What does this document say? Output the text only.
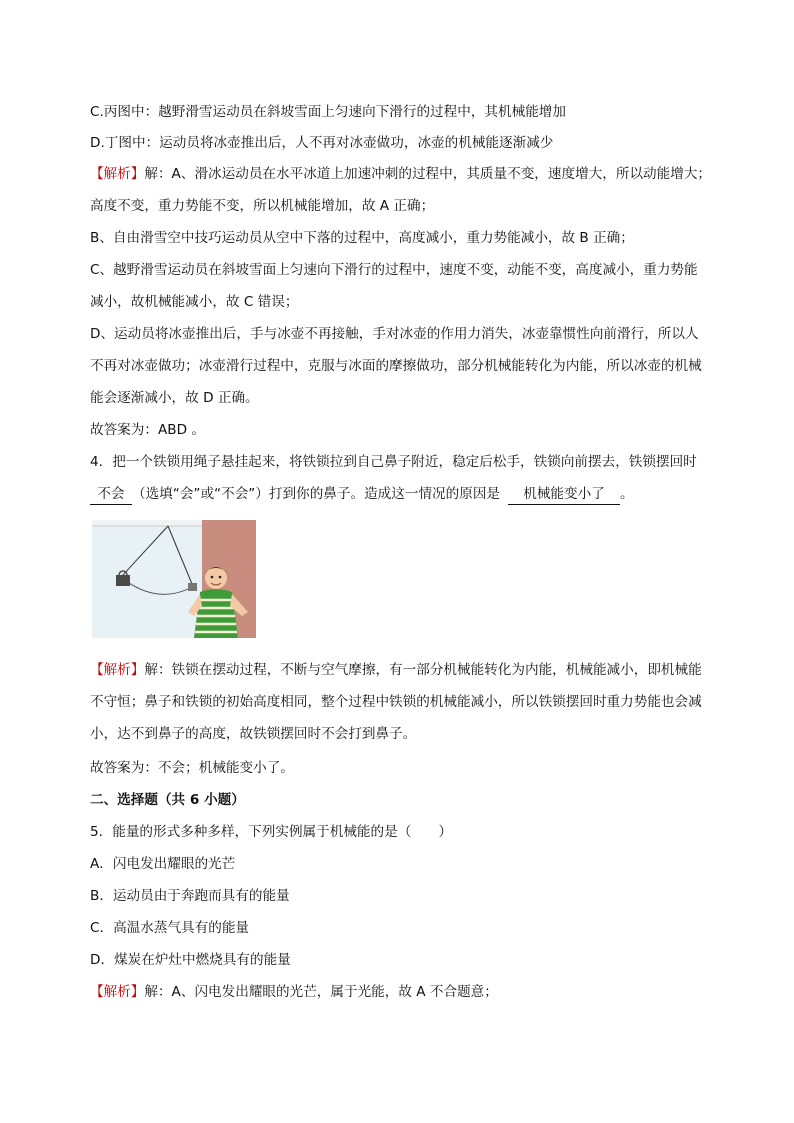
C.丙图中：越野滑雪运动员在斜坡雪面上匀速向下滑行的过程中，其机械能增加
D.丁图中：运动员将冰壶推出后，人不再对冰壶做功，冰壶的机械能逐渐减少
【解析】解：A、滑冰运动员在水平冰道上加速冲刺的过程中，其质量不变，速度增大，所以动能增大；
高度不变，重力势能不变，所以机械能增加，故 A 正确；
B、自由滑雪空中技巧运动员从空中下落的过程中，高度减小，重力势能减小，故 B 正确；
C、越野滑雪运动员在斜坡雪面上匀速向下滑行的过程中，速度不变，动能不变，高度减小，重力势能
减小，故机械能减小，故 C 错误；
D、运动员将冰壶推出后，手与冰壶不再接触，手对冰壶的作用力消失，冰壶靠惯性向前滑行，所以人
不再对冰壶做功；冰壶滑行过程中，克服与冰面的摩擦做功，部分机械能转化为内能，所以冰壶的机械
能会逐渐减小，故 D 正确。
故答案为：ABD 。
4．把一个铁锁用绳子悬挂起来，将铁锁拉到自己鼻子附近，稳定后松手，铁锁向前摆去，铁锁摆回时
不会 （选填“会”或“不会”）打到你的鼻子。造成这一情况的原因是 机械能变小了 。
【解析】解：铁锁在摆动过程，不断与空气摩擦，有一部分机械能转化为内能，机械能减小，即机械能
不守恒；鼻子和铁锁的初始高度相同，整个过程中铁锁的机械能减小，所以铁锁摆回时重力势能也会减
小，达不到鼻子的高度，故铁锁摆回时不会打到鼻子。
故答案为：不会；机械能变小了。
二、选择题（共 6 小题）
5．能量的形式多种多样，下列实例属于机械能的是（　　）
A．闪电发出耀眼的光芒
B．运动员由于奔跑而具有的能量
C．高温水蒸气具有的能量
D．煤炭在炉灶中燃烧具有的能量
【解析】解：A、闪电发出耀眼的光芒，属于光能，故 A 不合题意；
